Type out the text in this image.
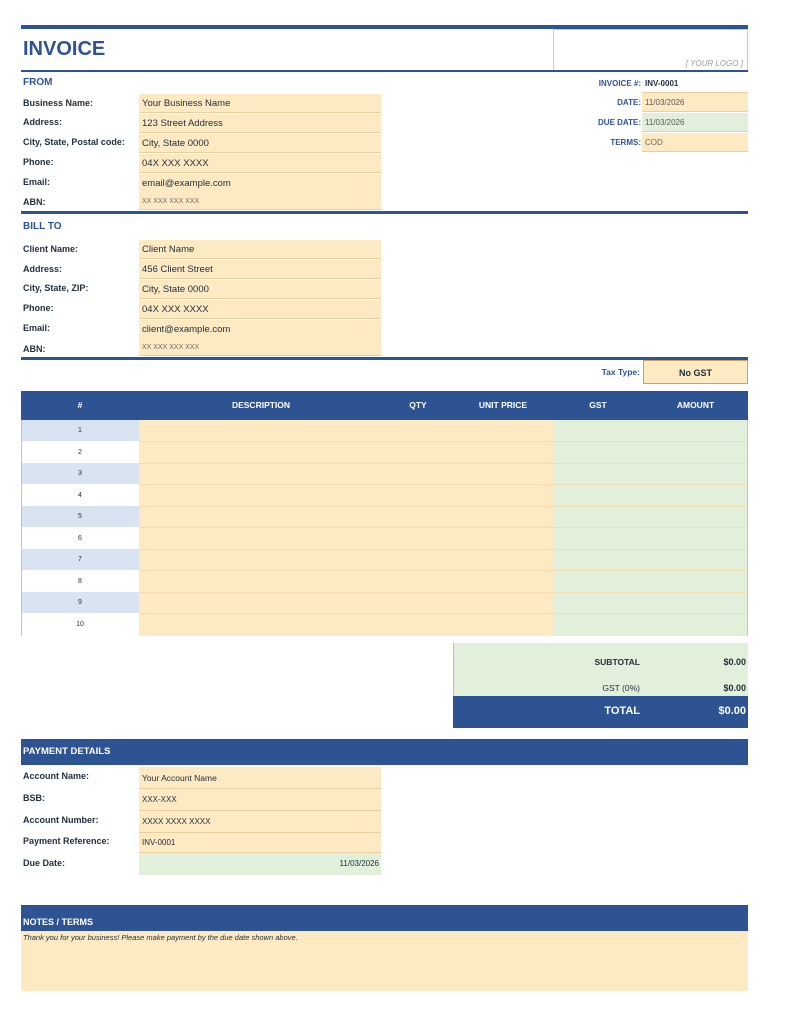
INVOICE
[ YOUR LOGO ]
FROM
Business Name:	Your Business Name
Address:	123 Street Address
City, State, Postal code:	City, State 0000
Phone:	04X XXX XXXX
Email:	email@example.com
ABN:	XX XXX XXX XXX
INVOICE #: INV-0001
DATE: 11/03/2026
DUE DATE: 11/03/2026
TERMS: COD
BILL TO
Client Name:	Client Name
Address:	456 Client Street
City, State, ZIP:	City, State 0000
Phone:	04X XXX XXXX
Email:	client@example.com
ABN:	XX XXX XXX XXX
Tax Type:	No GST
#	DESCRIPTION	QTY	UNIT PRICE	GST	AMOUNT
1
2
3
4
5
6
7
8
9
10
SUBTOTAL	$0.00
GST (0%)	$0.00
TOTAL	$0.00
PAYMENT DETAILS
Account Name:	Your Account Name
BSB:	XXX-XXX
Account Number:	XXXX XXXX XXXX
Payment Reference:	INV-0001
Due Date:	11/03/2026
NOTES / TERMS
Thank you for your business! Please make payment by the due date shown above.
